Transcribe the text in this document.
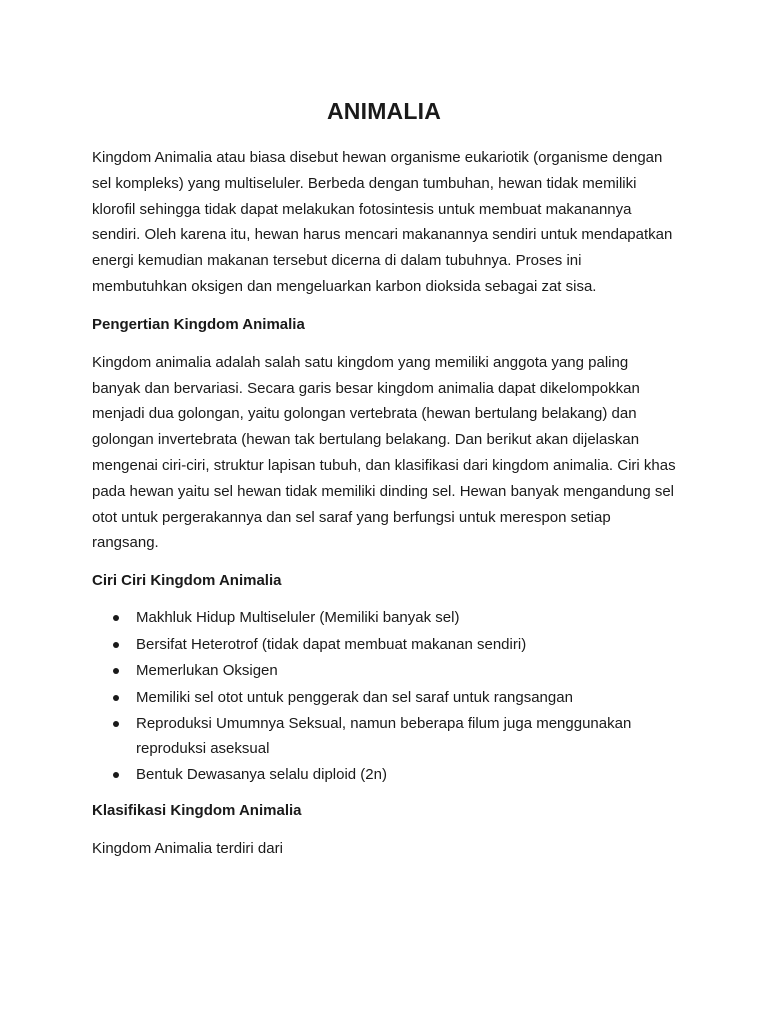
ANIMALIA

Kingdom Animalia atau biasa disebut hewan organisme eukariotik (organisme dengan sel kompleks) yang multiseluler. Berbeda dengan tumbuhan, hewan tidak memiliki klorofil sehingga tidak dapat melakukan fotosintesis untuk membuat makanannya sendiri. Oleh karena itu, hewan harus mencari makanannya sendiri untuk mendapatkan energi kemudian makanan tersebut dicerna di dalam tubuhnya. Proses ini membutuhkan oksigen dan mengeluarkan karbon dioksida sebagai zat sisa.

Pengertian Kingdom Animalia

Kingdom animalia adalah salah satu kingdom yang memiliki anggota yang paling banyak dan bervariasi. Secara garis besar kingdom animalia dapat dikelompokkan menjadi dua golongan, yaitu golongan vertebrata (hewan bertulang belakang) dan golongan invertebrata (hewan tak bertulang belakang. Dan berikut akan dijelaskan mengenai ciri-ciri, struktur lapisan tubuh, dan klasifikasi dari kingdom animalia. Ciri khas pada hewan yaitu sel hewan tidak memiliki dinding sel. Hewan banyak mengandung sel otot untuk pergerakannya dan sel saraf yang berfungsi untuk merespon setiap rangsang.

Ciri Ciri Kingdom Animalia
Makhluk Hidup Multiseluler (Memiliki banyak sel)
Bersifat Heterotrof (tidak dapat membuat makanan sendiri)
Memerlukan Oksigen
Memiliki sel otot untuk penggerak dan sel saraf untuk rangsangan
Reproduksi Umumnya Seksual, namun beberapa filum juga menggunakan reproduksi aseksual
Bentuk Dewasanya selalu diploid (2n)
Klasifikasi Kingdom Animalia

Kingdom Animalia terdiri dari
